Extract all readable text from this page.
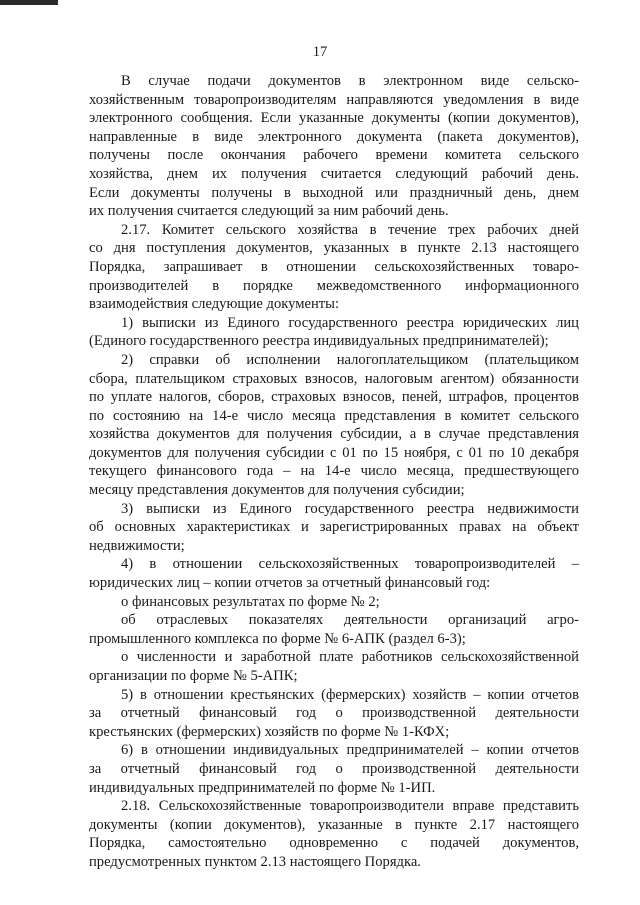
17
В случае подачи документов в электронном виде сельско-
хозяйственным товаропроизводителям направляются уведомления в виде
электронного сообщения. Если указанные документы (копии документов),
направленные в виде электронного документа (пакета документов),
получены после окончания рабочего времени комитета сельского
хозяйства, днем их получения считается следующий рабочий день.
Если документы получены в выходной или праздничный день, днем
их получения считается следующий за ним рабочий день.
2.17. Комитет сельского хозяйства в течение трех рабочих дней
со дня поступления документов, указанных в пункте 2.13 настоящего
Порядка, запрашивает в отношении сельскохозяйственных товаро-
производителей в порядке межведомственного информационного
взаимодействия следующие документы:
1) выписки из Единого государственного реестра юридических лиц
(Единого государственного реестра индивидуальных предпринимателей);
2) справки об исполнении налогоплательщиком (плательщиком
сбора, плательщиком страховых взносов, налоговым агентом) обязанности
по уплате налогов, сборов, страховых взносов, пеней, штрафов, процентов
по состоянию на 14-е число месяца представления в комитет сельского
хозяйства документов для получения субсидии, а в случае представления
документов для получения субсидии с 01 по 15 ноября, с 01 по 10 декабря
текущего финансового года – на 14-е число месяца, предшествующего
месяцу представления документов для получения субсидии;
3) выписки из Единого государственного реестра недвижимости
об основных характеристиках и зарегистрированных правах на объект
недвижимости;
4) в отношении сельскохозяйственных товаропроизводителей –
юридических лиц – копии отчетов за отчетный финансовый год:
о финансовых результатах по форме № 2;
об отраслевых показателях деятельности организаций агро-
промышленного комплекса по форме № 6-АПК (раздел 6-3);
о численности и заработной плате работников сельскохозяйственной
организации по форме № 5-АПК;
5) в отношении крестьянских (фермерских) хозяйств – копии отчетов
за отчетный финансовый год о производственной деятельности
крестьянских (фермерских) хозяйств по форме № 1-КФХ;
6) в отношении индивидуальных предпринимателей – копии отчетов
за отчетный финансовый год о производственной деятельности
индивидуальных предпринимателей по форме № 1-ИП.
2.18. Сельскохозяйственные товаропроизводители вправе представить
документы (копии документов), указанные в пункте 2.17 настоящего
Порядка, самостоятельно одновременно с подачей документов,
предусмотренных пунктом 2.13 настоящего Порядка.
